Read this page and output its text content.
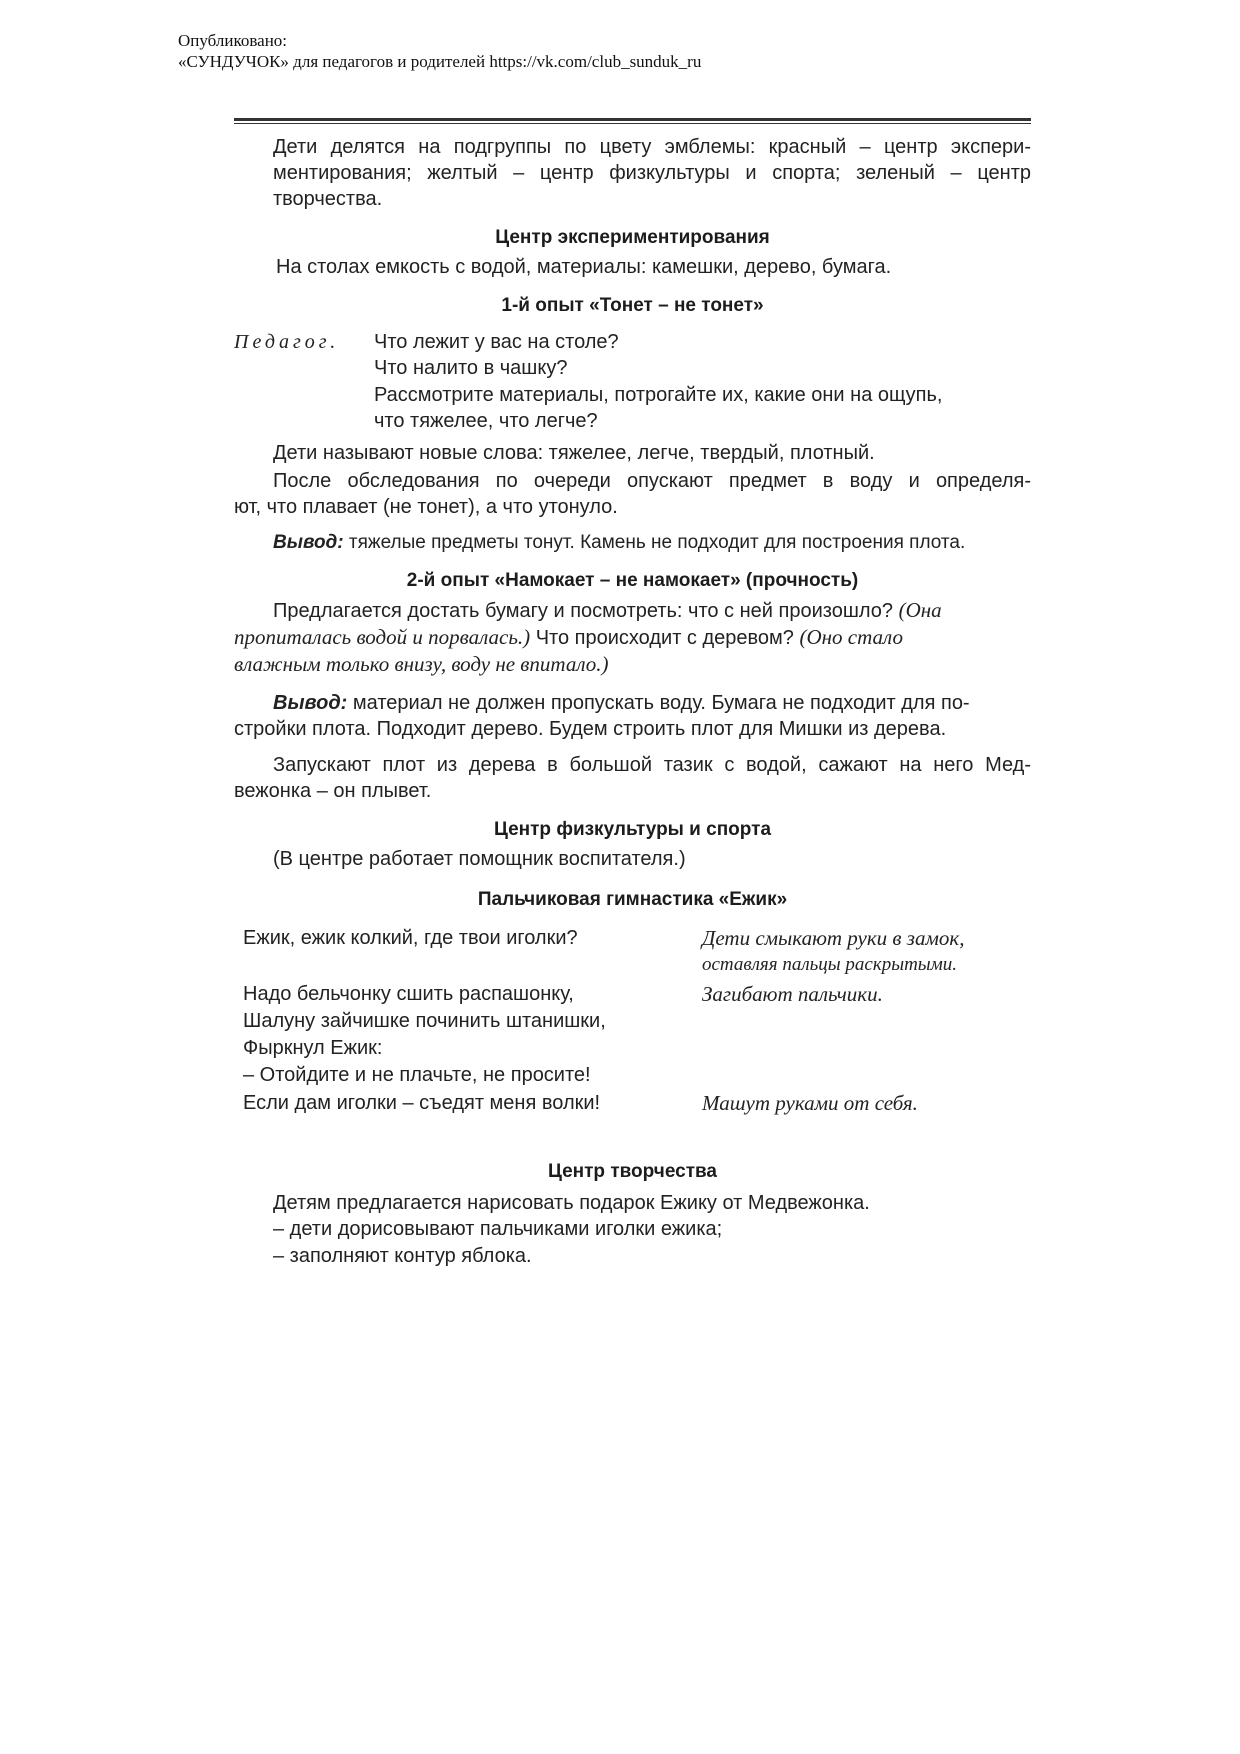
Опубликовано:
«СУНДУЧОК» для педагогов и родителей https://vk.com/club_sunduk_ru
Дети делятся на подгруппы по цвету эмблемы: красный – центр экспери-
ментирования; желтый – центр физкультуры и спорта; зеленый – центр
творчества.
Центр экспериментирования
На столах емкость с водой, материалы: камешки, дерево, бумага.
1-й опыт «Тонет – не тонет»
Педагог. Что лежит у вас на столе?
Что налито в чашку?
Рассмотрите материалы, потрогайте их, какие они на ощупь,
что тяжелее, что легче?
Дети называют новые слова: тяжелее, легче, твердый, плотный.
После обследования по очереди опускают предмет в воду и определя-
ют, что плавает (не тонет), а что утонуло.
Вывод: тяжелые предметы тонут. Камень не подходит для построения плота.
2-й опыт «Намокает – не намокает» (прочность)
Предлагается достать бумагу и посмотреть: что с ней произошло? (Она
пропиталась водой и порвалась.) Что происходит с деревом? (Оно стало
влажным только внизу, воду не впитало.)
Вывод: материал не должен пропускать воду. Бумага не подходит для по-
стройки плота. Подходит дерево. Будем строить плот для Мишки из дерева.
Запускают плот из дерева в большой тазик с водой, сажают на него Мед-
вежонка – он плывет.
Центр физкультуры и спорта
(В центре работает помощник воспитателя.)
Пальчиковая гимнастика «Ежик»
Ежик, ежик колкий, где твои иголки?
Надо бельчонку сшить распашонку,
Шалуну зайчишке починить штанишки,
Фыркнул Ежик:
– Отойдите и не плачьте, не просите!
Если дам иголки – съедят меня волки!
Дети смыкают руки в замок,
оставляя пальцы раскрытыми.
Загибают пальчики.
Машут руками от себя.
Центр творчества
Детям предлагается нарисовать подарок Ежику от Медвежонка.
– дети дорисовывают пальчиками иголки ежика;
– заполняют контур яблока.
